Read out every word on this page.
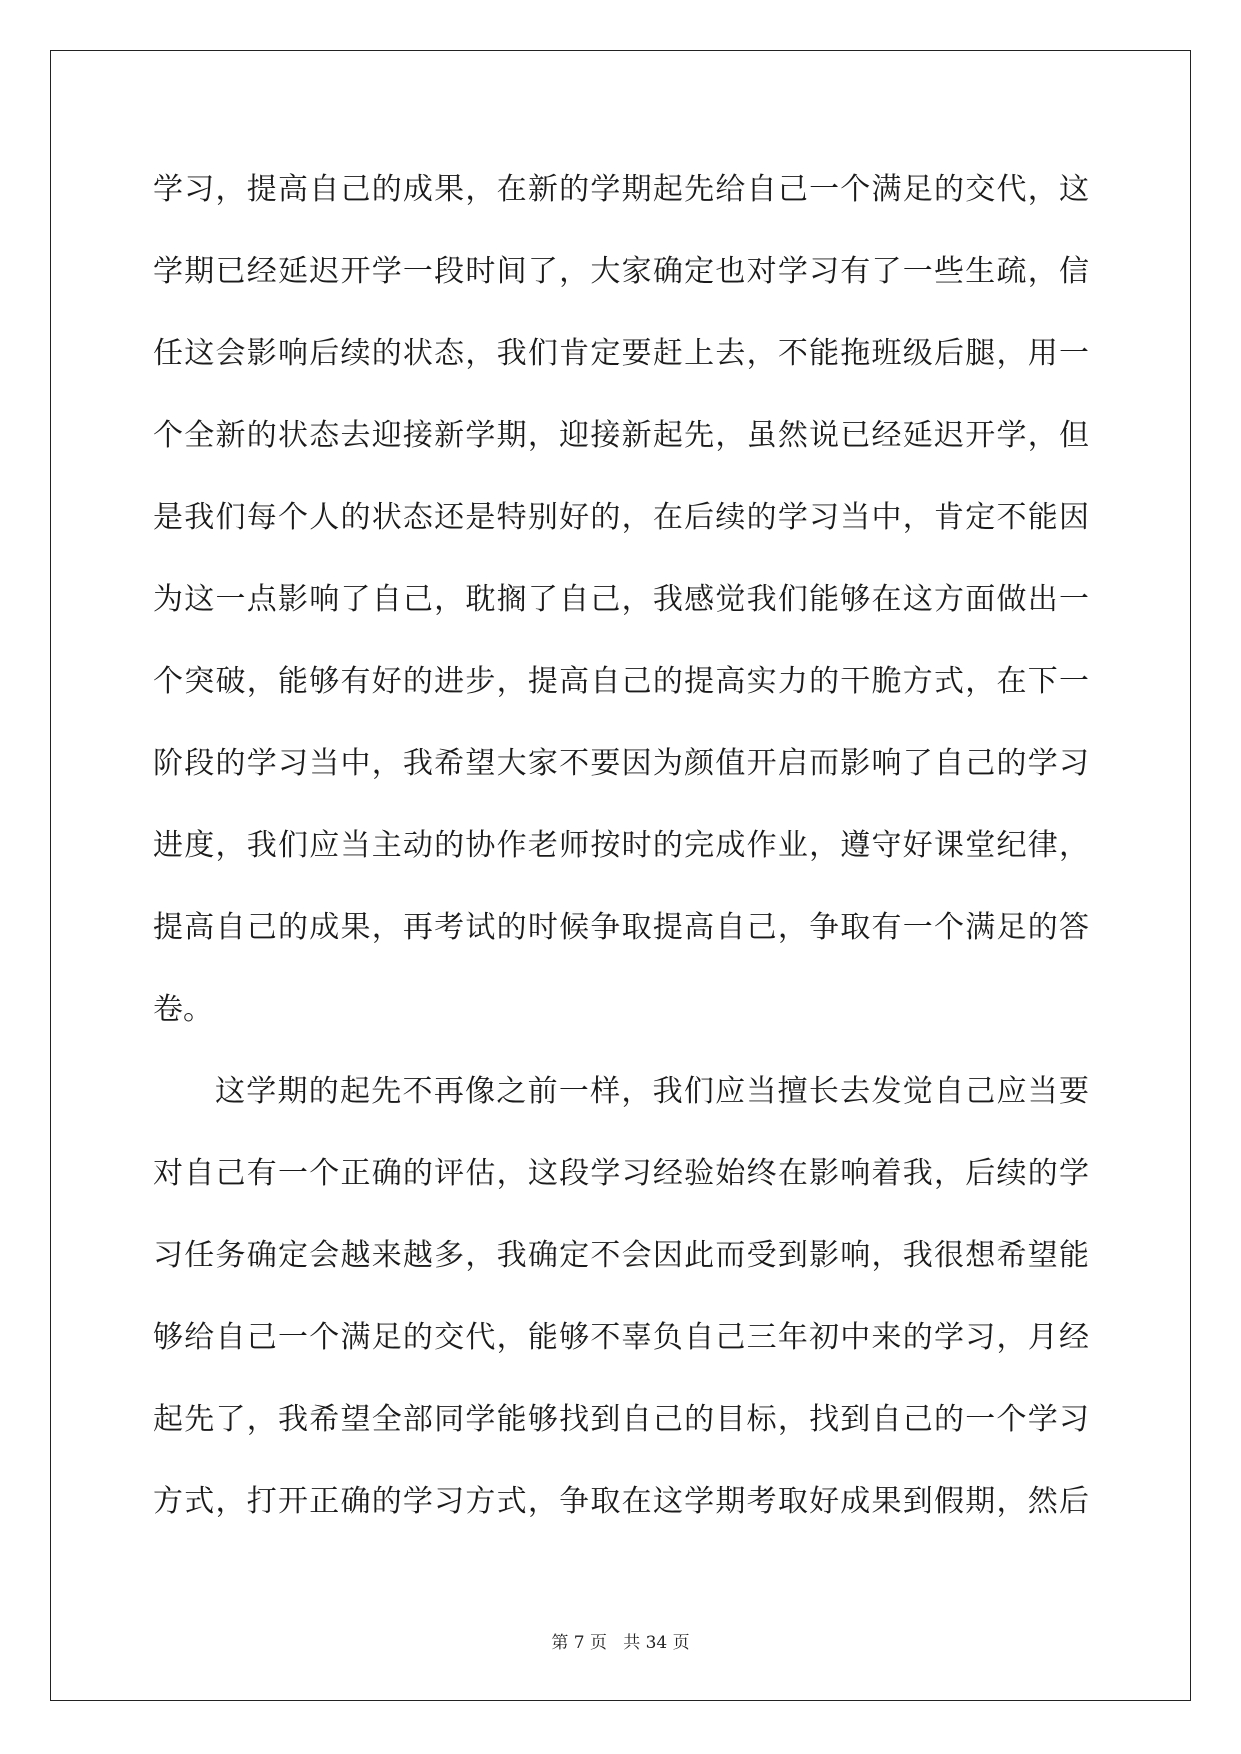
学习，提高自己的成果，在新的学期起先给自己一个满足的交代，这
学期已经延迟开学一段时间了，大家确定也对学习有了一些生疏，信
任这会影响后续的状态，我们肯定要赶上去，不能拖班级后腿，用一
个全新的状态去迎接新学期，迎接新起先，虽然说已经延迟开学，但
是我们每个人的状态还是特别好的，在后续的学习当中，肯定不能因
为这一点影响了自己，耽搁了自己，我感觉我们能够在这方面做出一
个突破，能够有好的进步，提高自己的提高实力的干脆方式，在下一
阶段的学习当中，我希望大家不要因为颜值开启而影响了自己的学习
进度，我们应当主动的协作老师按时的完成作业，遵守好课堂纪律，
提高自己的成果，再考试的时候争取提高自己，争取有一个满足的答
卷。
这学期的起先不再像之前一样，我们应当擅长去发觉自己应当要
对自己有一个正确的评估，这段学习经验始终在影响着我，后续的学
习任务确定会越来越多，我确定不会因此而受到影响，我很想希望能
够给自己一个满足的交代，能够不辜负自己三年初中来的学习，月经
起先了，我希望全部同学能够找到自己的目标，找到自己的一个学习
方式，打开正确的学习方式，争取在这学期考取好成果到假期，然后
第 7 页   共 34 页
